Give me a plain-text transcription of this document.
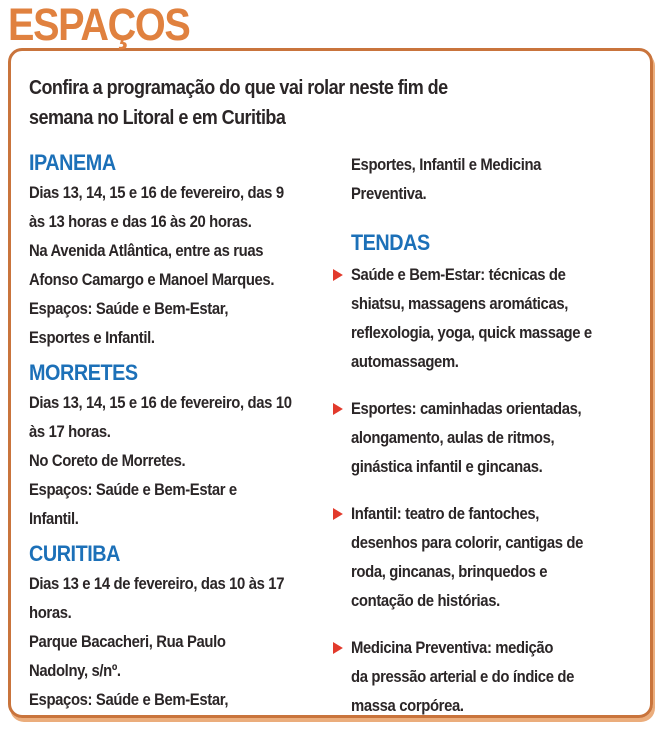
ESPAÇOS
Confira a programação do que vai rolar neste fim de
semana no Litoral e em Curitiba
IPANEMA
Dias 13, 14, 15 e 16 de fevereiro, das 9
às 13 horas e das 16 às 20 horas.
Na Avenida Atlântica, entre as ruas
Afonso Camargo e Manoel Marques.
Espaços: Saúde e Bem-Estar,
Esportes e Infantil.
MORRETES
Dias 13, 14, 15 e 16 de fevereiro, das 10
às 17 horas.
No Coreto de Morretes.
Espaços: Saúde e Bem-Estar e
Infantil.
CURITIBA
Dias 13 e 14 de fevereiro, das 10 às 17
horas.
Parque Bacacheri, Rua Paulo
Nadolny, s/nº.
Espaços: Saúde e Bem-Estar,
Esportes, Infantil e Medicina
Preventiva.
TENDAS
Saúde e Bem-Estar: técnicas de
shiatsu, massagens aromáticas,
reflexologia, yoga, quick massage e
automassagem.
Esportes: caminhadas orientadas,
alongamento, aulas de ritmos,
ginástica infantil e gincanas.
Infantil: teatro de fantoches,
desenhos para colorir, cantigas de
roda, gincanas, brinquedos e
contação de histórias.
Medicina Preventiva: medição
da pressão arterial e do índice de
massa corpórea.
